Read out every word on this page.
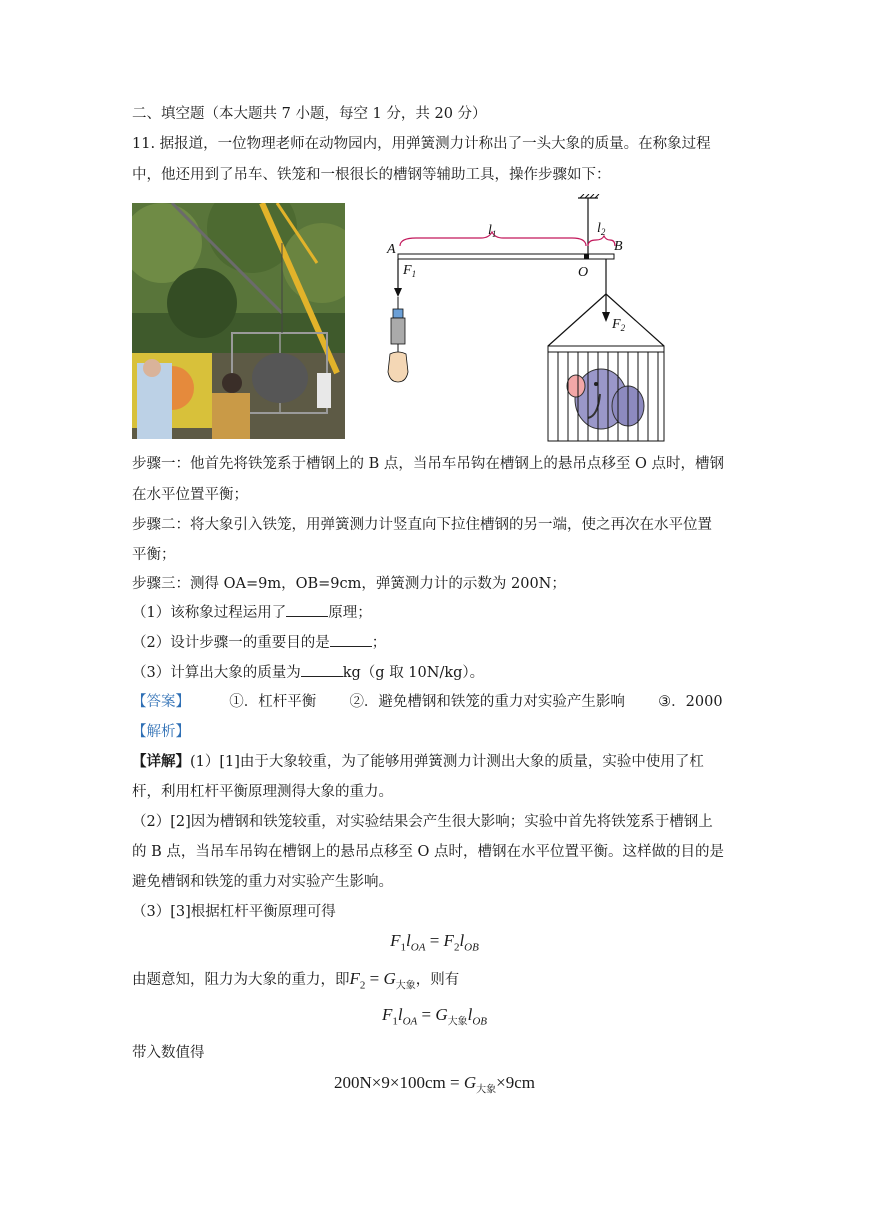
二、填空题（本大题共 7 小题，每空 1 分，共 20 分）
11. 据报道，一位物理老师在动物园内，用弹簧测力计称出了一头大象的质量。在称象过程
中，他还用到了吊车、铁笼和一根很长的槽钢等辅助工具，操作步骤如下：
$l_1$	$l_2$
A	B
O
$F_1$
$F_2$
步骤一：他首先将铁笼系于槽钢上的 B 点，当吊车吊钩在槽钢上的悬吊点移至 O 点时，槽钢
在水平位置平衡；
步骤二：将大象引入铁笼，用弹簧测力计竖直向下拉住槽钢的另一端，使之再次在水平位置
平衡；
步骤三：测得 OA=9m，OB=9cm，弹簧测力计的示数为 200N；
（1）该称象过程运用了	原理；
（2）设计步骤一的重要目的是	；
（3）计算出大象的质量为	kg（g 取 10N/kg）。
【答案】	①．杠杆平衡 ②．避免槽钢和铁笼的重力对实验产生影响 ③．2000
【解析】
【详解】(1）[1]由于大象较重，为了能够用弹簧测力计测出大象的质量，实验中使用了杠
杆，利用杠杆平衡原理测得大象的重力。
（2）[2]因为槽钢和铁笼较重，对实验结果会产生很大影响；实验中首先将铁笼系于槽钢上
的 B 点，当吊车吊钩在槽钢上的悬吊点移至 O 点时，槽钢在水平位置平衡。这样做的目的是
避免槽钢和铁笼的重力对实验产生影响。
（3）[3]根据杠杆平衡原理可得
$F_1l_{OA} = F_2l_{OB}$
由题意知，阻力为大象的重力，即$F_2 = G_{大象}$，则有
$F_1l_{OA} = G_{大象}l_{OB}$
带入数值得
$200N\times 9\times 100cm = G_{大象}\times 9cm$
